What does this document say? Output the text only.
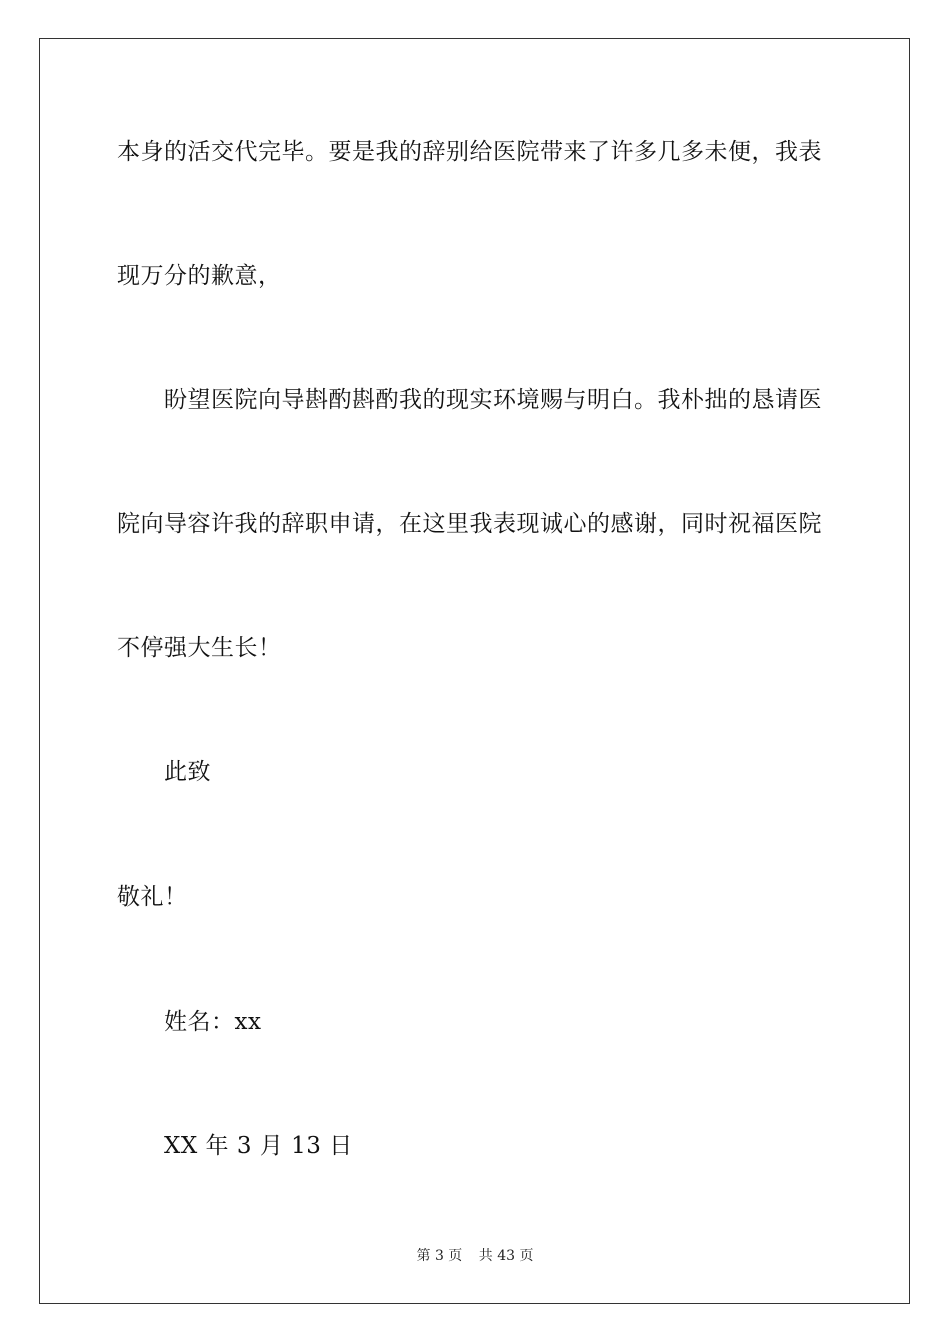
本身的活交代完毕。要是我的辞别给医院带来了许多几多未便，我表
现万分的歉意，
盼望医院向导斟酌斟酌我的现实环境赐与明白。我朴拙的恳请医
院向导容许我的辞职申请，在这里我表现诚心的感谢，同时祝福医院
不停强大生长！
此致
敬礼！
姓名：xx
XX 年 3 月 13 日
第 3 页 共 43 页
